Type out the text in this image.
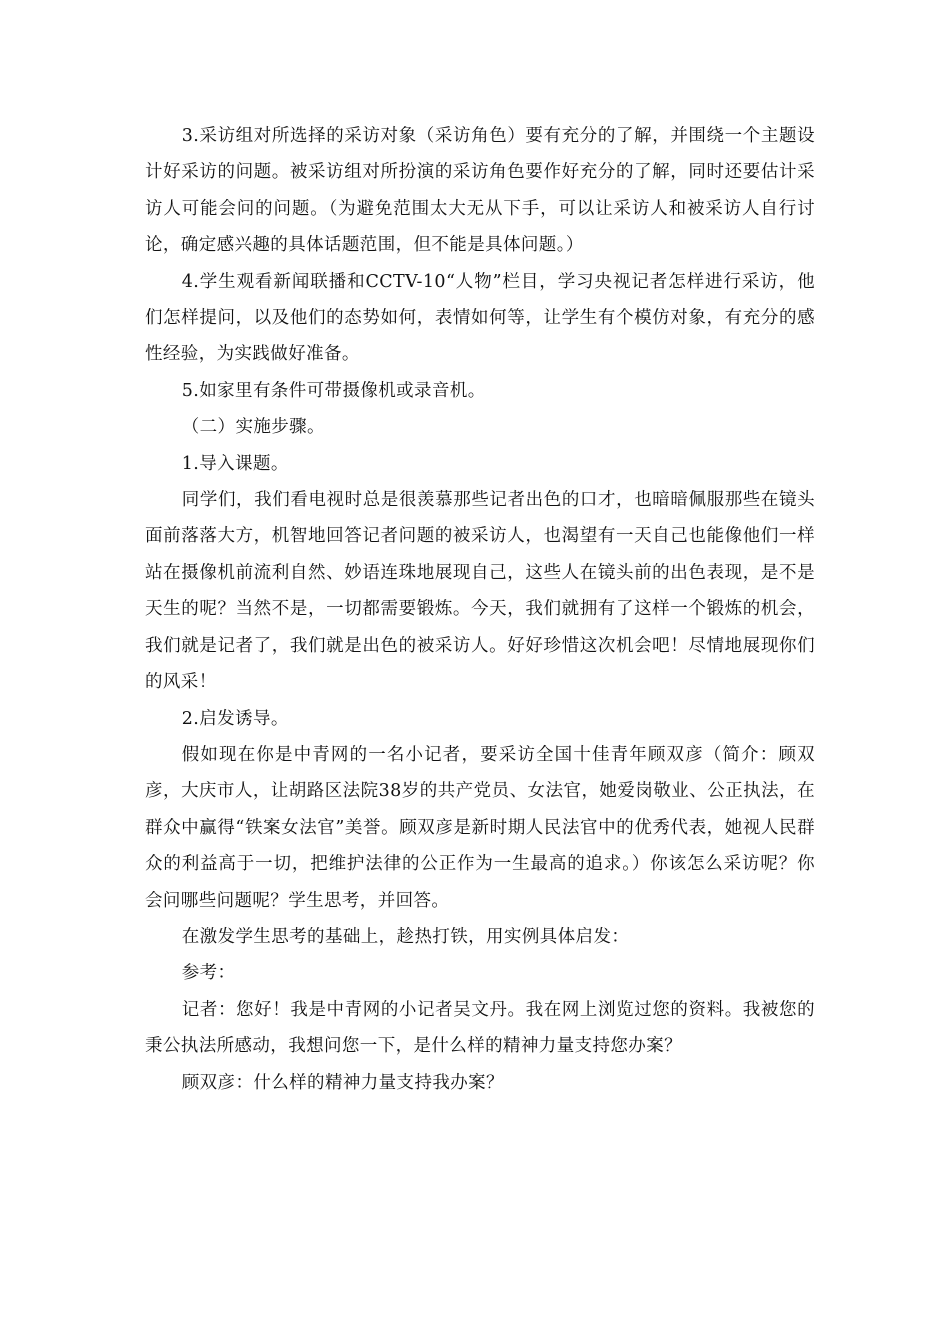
3.采访组对所选择的采访对象（采访角色）要有充分的了解，并围绕一个主题设计好采访的问题。被采访组对所扮演的采访角色要作好充分的了解，同时还要估计采访人可能会问的问题。（为避免范围太大无从下手，可以让采访人和被采访人自行讨论，确定感兴趣的具体话题范围，但不能是具体问题。）

4.学生观看新闻联播和CCTV-10“人物”栏目，学习央视记者怎样进行采访，他们怎样提问，以及他们的态势如何，表情如何等，让学生有个模仿对象，有充分的感性经验，为实践做好准备。

5.如家里有条件可带摄像机或录音机。

（二）实施步骤。

1.导入课题。

同学们，我们看电视时总是很羡慕那些记者出色的口才，也暗暗佩服那些在镜头面前落落大方，机智地回答记者问题的被采访人，也渴望有一天自己也能像他们一样站在摄像机前流利自然、妙语连珠地展现自己，这些人在镜头前的出色表现，是不是天生的呢？当然不是，一切都需要锻炼。今天，我们就拥有了这样一个锻炼的机会，我们就是记者了，我们就是出色的被采访人。好好珍惜这次机会吧！尽情地展现你们的风采！

2.启发诱导。

假如现在你是中青网的一名小记者，要采访全国十佳青年顾双彦（简介：顾双彦，大庆市人，让胡路区法院38岁的共产党员、女法官，她爱岗敬业、公正执法，在群众中赢得“铁案女法官”美誉。顾双彦是新时期人民法官中的优秀代表，她视人民群众的利益高于一切，把维护法律的公正作为一生最高的追求。）你该怎么采访呢？你会问哪些问题呢？学生思考，并回答。

在激发学生思考的基础上，趁热打铁，用实例具体启发：

参考：

记者：您好！我是中青网的小记者吴文丹。我在网上浏览过您的资料。我被您的秉公执法所感动，我想问您一下，是什么样的精神力量支持您办案？

顾双彦：什么样的精神力量支持我办案？
